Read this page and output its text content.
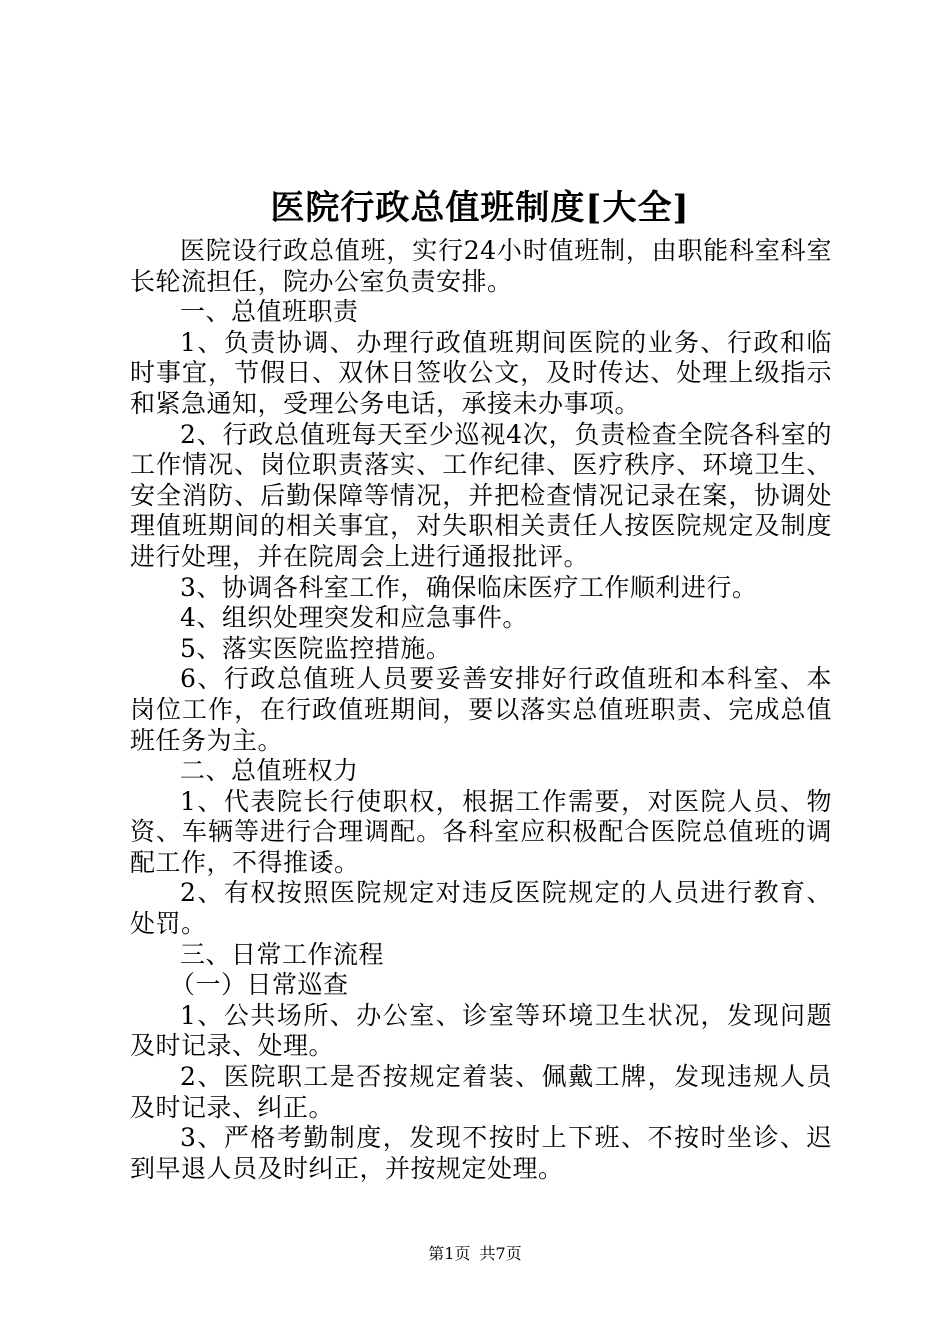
医院行政总值班制度[大全]

医院设行政总值班，实行24小时值班制，由职能科室科室长轮流担任，院办公室负责安排。

一、总值班职责

1、负责协调、办理行政值班期间医院的业务、行政和临时事宜，节假日、双休日签收公文，及时传达、处理上级指示和紧急通知，受理公务电话，承接未办事项。

2、行政总值班每天至少巡视4次，负责检查全院各科室的工作情况、岗位职责落实、工作纪律、医疗秩序、环境卫生、安全消防、后勤保障等情况，并把检查情况记录在案，协调处理值班期间的相关事宜，对失职相关责任人按医院规定及制度进行处理，并在院周会上进行通报批评。

3、协调各科室工作，确保临床医疗工作顺利进行。

4、组织处理突发和应急事件。

5、落实医院监控措施。

6、行政总值班人员要妥善安排好行政值班和本科室、本岗位工作，在行政值班期间，要以落实总值班职责、完成总值班任务为主。

二、总值班权力

1、代表院长行使职权，根据工作需要，对医院人员、物资、车辆等进行合理调配。各科室应积极配合医院总值班的调配工作，不得推诿。

2、有权按照医院规定对违反医院规定的人员进行教育、处罚。

三、日常工作流程

（一）日常巡查

1、公共场所、办公室、诊室等环境卫生状况，发现问题及时记录、处理。

2、医院职工是否按规定着装、佩戴工牌，发现违规人员及时记录、纠正。

3、严格考勤制度，发现不按时上下班、不按时坐诊、迟到早退人员及时纠正，并按规定处理。

第1页 共7页
